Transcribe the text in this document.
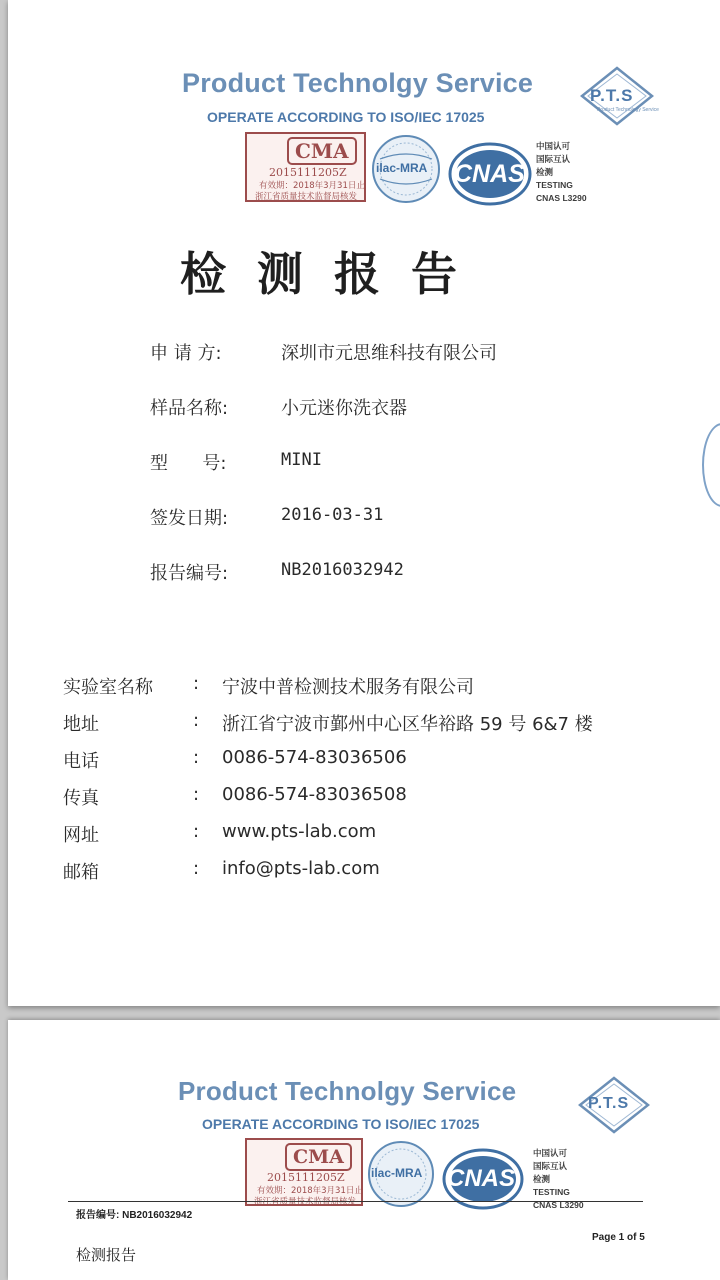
Product Technolgy Service
OPERATE ACCORDING TO ISO/IEC 17025
P.T.S
Product Technology Service
CMA
2015111205Z
有效期：2018年3月31日止
浙江省质量技术监督局核发
ilac-MRA CNAS
中国认可
国际互认
检测
TESTING
CNAS L3290
检测报告
申 请 方:	深圳市元思维科技有限公司
样品名称:	小元迷你洗衣器
型      号:	MINI
签发日期:	2016-03-31
报告编号:	NB2016032942
实验室名称 : 宁波中普检测技术服务有限公司
地址	: 浙江省宁波市鄞州中心区华裕路 59 号 6&7 楼
电话	: 0086-574-83036506
传真	: 0086-574-83036508
网址	: www.pts-lab.com
邮箱	: info@pts-lab.com
Product Technolgy Service
OPERATE ACCORDING TO ISO/IEC 17025
P.T.S
CMA
2015111205Z
有效期：2018年3月31日止
浙江省质量技术监督局核发
ilac-MRA CNAS
中国认可
国际互认
检测
TESTING
CNAS L3290
报告编号: NB2016032942
Page 1 of 5
检测报告
